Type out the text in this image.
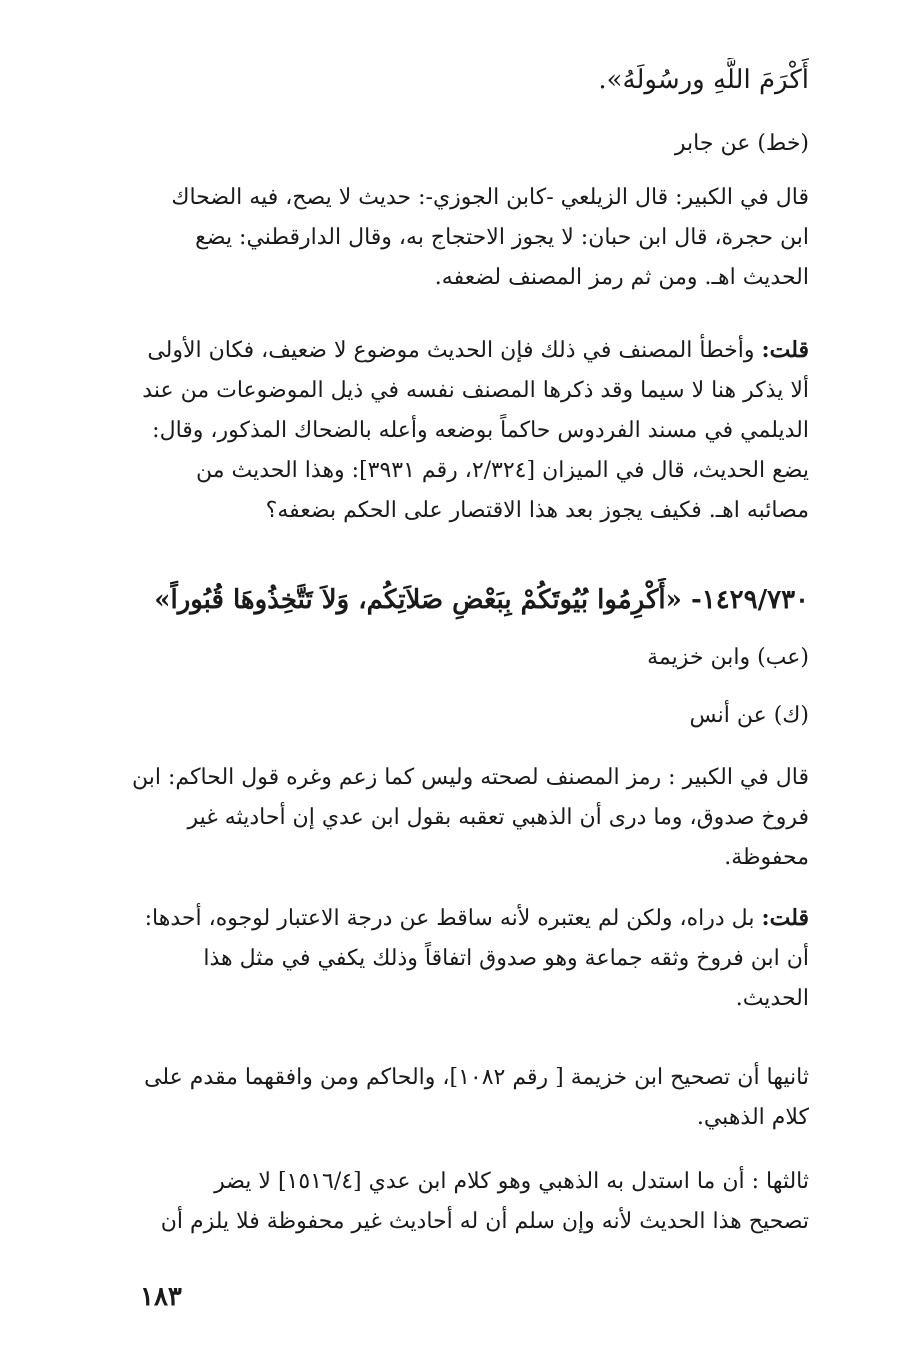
أَكْرَمَ اللَّهِ ورسُولَهُ».
(خط) عن جابر
قال في الكبير: قال الزيلعي -كابن الجوزي-: حديث لا يصح، فيه الضحاك
ابن حجرة، قال ابن حبان: لا يجوز الاحتجاج به، وقال الدارقطني: يضع
الحديث اهـ. ومن ثم رمز المصنف لضعفه.
قلت: وأخطأ المصنف في ذلك فإن الحديث موضوع لا ضعيف، فكان الأولى
ألا يذكر هنا لا سيما وقد ذكرها المصنف نفسه في ذيل الموضوعات من عند
الديلمي في مسند الفردوس حاكماً بوضعه وأعله بالضحاك المذكور، وقال:
يضع الحديث، قال في الميزان [٢/٣٢٤، رقم ٣٩٣١]: وهذا الحديث من
مصائبه اهـ. فكيف يجوز بعد هذا الاقتصار على الحكم بضعفه؟
١٤٢٩/٧٣٠- «أَكْرِمُوا بُيُوتَكُمْ بِبَعْضِ صَلاَتِكُم، وَلاَ تَتَّخِذُوهَا قُبُوراً»
(عب) وابن خزيمة
(ك) عن أنس
قال في الكبير : رمز المصنف لصحته وليس كما زعم وغره قول الحاكم: ابن
فروخ صدوق، وما درى أن الذهبي تعقبه بقول ابن عدي إن أحاديثه غير
محفوظة.
قلت: بل دراه، ولكن لم يعتبره لأنه ساقط عن درجة الاعتبار لوجوه، أحدها:
أن ابن فروخ وثقه جماعة وهو صدوق اتفاقاً وذلك يكفي في مثل هذا
الحديث.
ثانيها أن تصحيح ابن خزيمة [ رقم ١٠٨٢]، والحاكم ومن وافقهما مقدم على
كلام الذهبي.
ثالثها : أن ما استدل به الذهبي وهو كلام ابن عدي [١٥١٦/٤] لا يضر
تصحيح هذا الحديث لأنه وإن سلم أن له أحاديث غير محفوظة فلا يلزم أن
١٨٣
